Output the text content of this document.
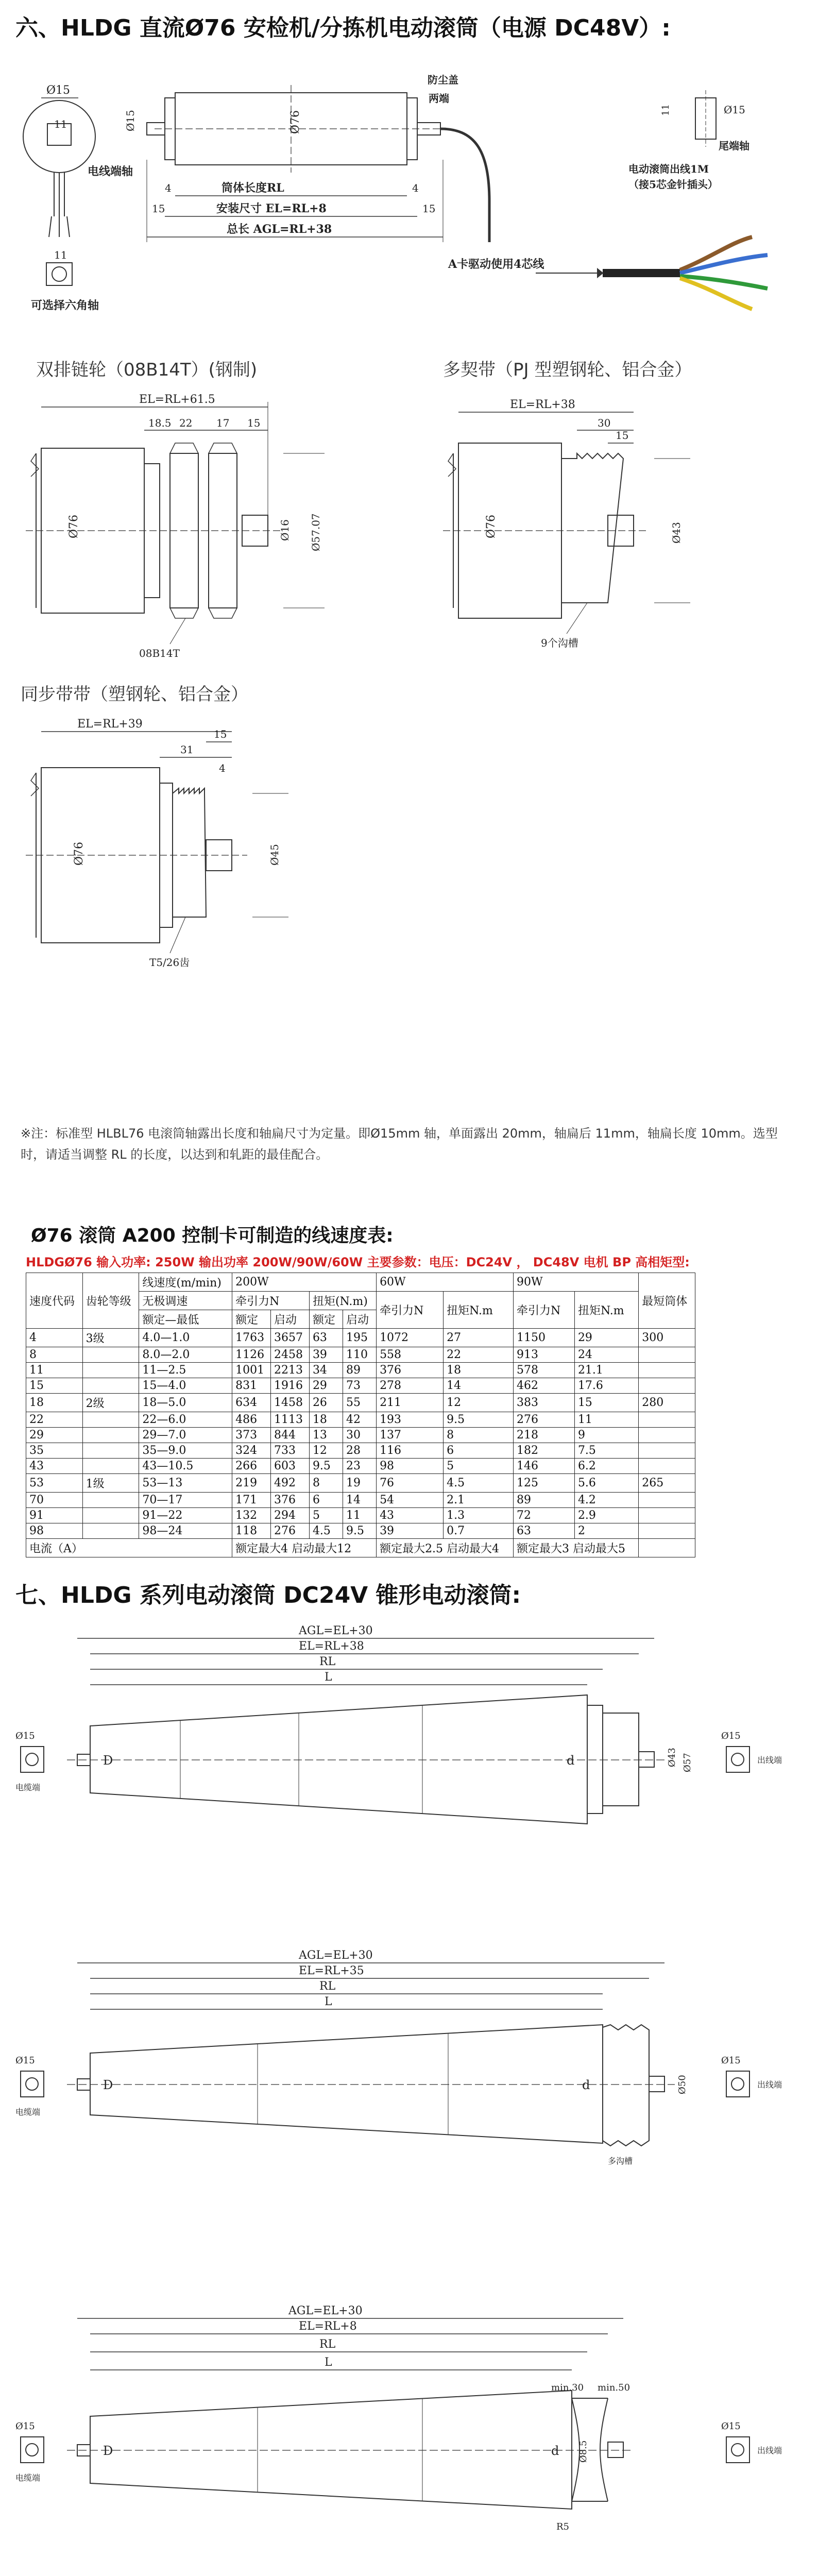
六、HLDG 直流Ø76 安检机/分拣机电动滚筒（电源 DC48V）:
Ø15
11
电线端轴
11
可选择六角轴
Ø76
Ø15
防尘盖
两端
筒体长度RL
安装尺寸 EL=RL+8
总长 AGL=RL+38
15
4
15
4
Ø15
11
尾端轴
电动滚筒出线1M
（接5芯金针插头）
A卡驱动使用4芯线
双排链轮（08B14T）(钢制)	多契带（PJ 型塑钢轮、铝合金）
EL=RL+61.5
18.5 22 17 15
Ø76	Ø16 Ø57.07
08B14T
EL=RL+38
15
30
Ø76	Ø43
9个沟槽
同步带带（塑钢轮、铝合金）
EL=RL+39
31
15
4
Ø76	Ø45
T5/26齿
※注：标准型 HLBL76 电滚筒轴露出长度和轴扁尺寸为定量。即Ø15mm 轴，单面露出 20mm，轴扁后 11mm，轴扁长度 10mm。选型时，请适当调整 RL 的长度，以达到和轧距的最佳配合。
Ø76 滚筒 A200 控制卡可制造的线速度表:
HLDGØ76 输入功率: 250W 输出功率 200W/90W/60W 主要参数：电压：DC24V ， DC48V 电机 BP 高相矩型:
速度代码	齿轮等级	线速度(m/min)	200W				60W		90W		最短筒体
		无极调速	牵引力N		扭矩(N.m)		牵引力N	扭矩N.m	牵引力N	扭矩N.m	
		额定—最低	额定	启动	额定	启动					
4	3级	4.0—1.0	1763	3657	63	195	1072	27	1150	29	300
8		8.0—2.0	1126	2458	39	110	558	22	913	24	
11		11—2.5	1001	2213	34	89	376	18	578	21.1	
15		15—4.0	831	1916	29	73	278	14	462	17.6	
18	2级	18—5.0	634	1458	26	55	211	12	383	15	280
22		22—6.0	486	1113	18	42	193	9.5	276	11	
29		29—7.0	373	844	13	30	137	8	218	9	
35		35—9.0	324	733	12	28	116	6	182	7.5	
43		43—10.5	266	603	9.5	23	98	5	146	6.2	
53	1级	53—13	219	492	8	19	76	4.5	125	5.6	265
70		70—17	171	376	6	14	54	2.1	89	4.2	
91		91—22	132	294	5	11	43	1.3	72	2.9	
98		98—24	118	276	4.5	9.5	39	0.7	63	2	
电流（A）			额定最大4 启动最大12				额定最大2.5 启动最大4		额定最大3 启动最大5		
七、HLDG 系列电动滚筒 DC24V 锥形电动滚筒:
Ø15
电缆端
AGL=EL+30
EL=RL+38
RL
L
D	d	Ø43 Ø57
Ø15
出线端
Ø15
电缆端
AGL=EL+30
EL=RL+35
RL
L
D	d	Ø50
多沟槽
Ø15
出线端
Ø15
电缆端
AGL=EL+30
EL=RL+8
RL
L
min.30 min.50
D	d Ø8.5
R5
Ø15
出线端
